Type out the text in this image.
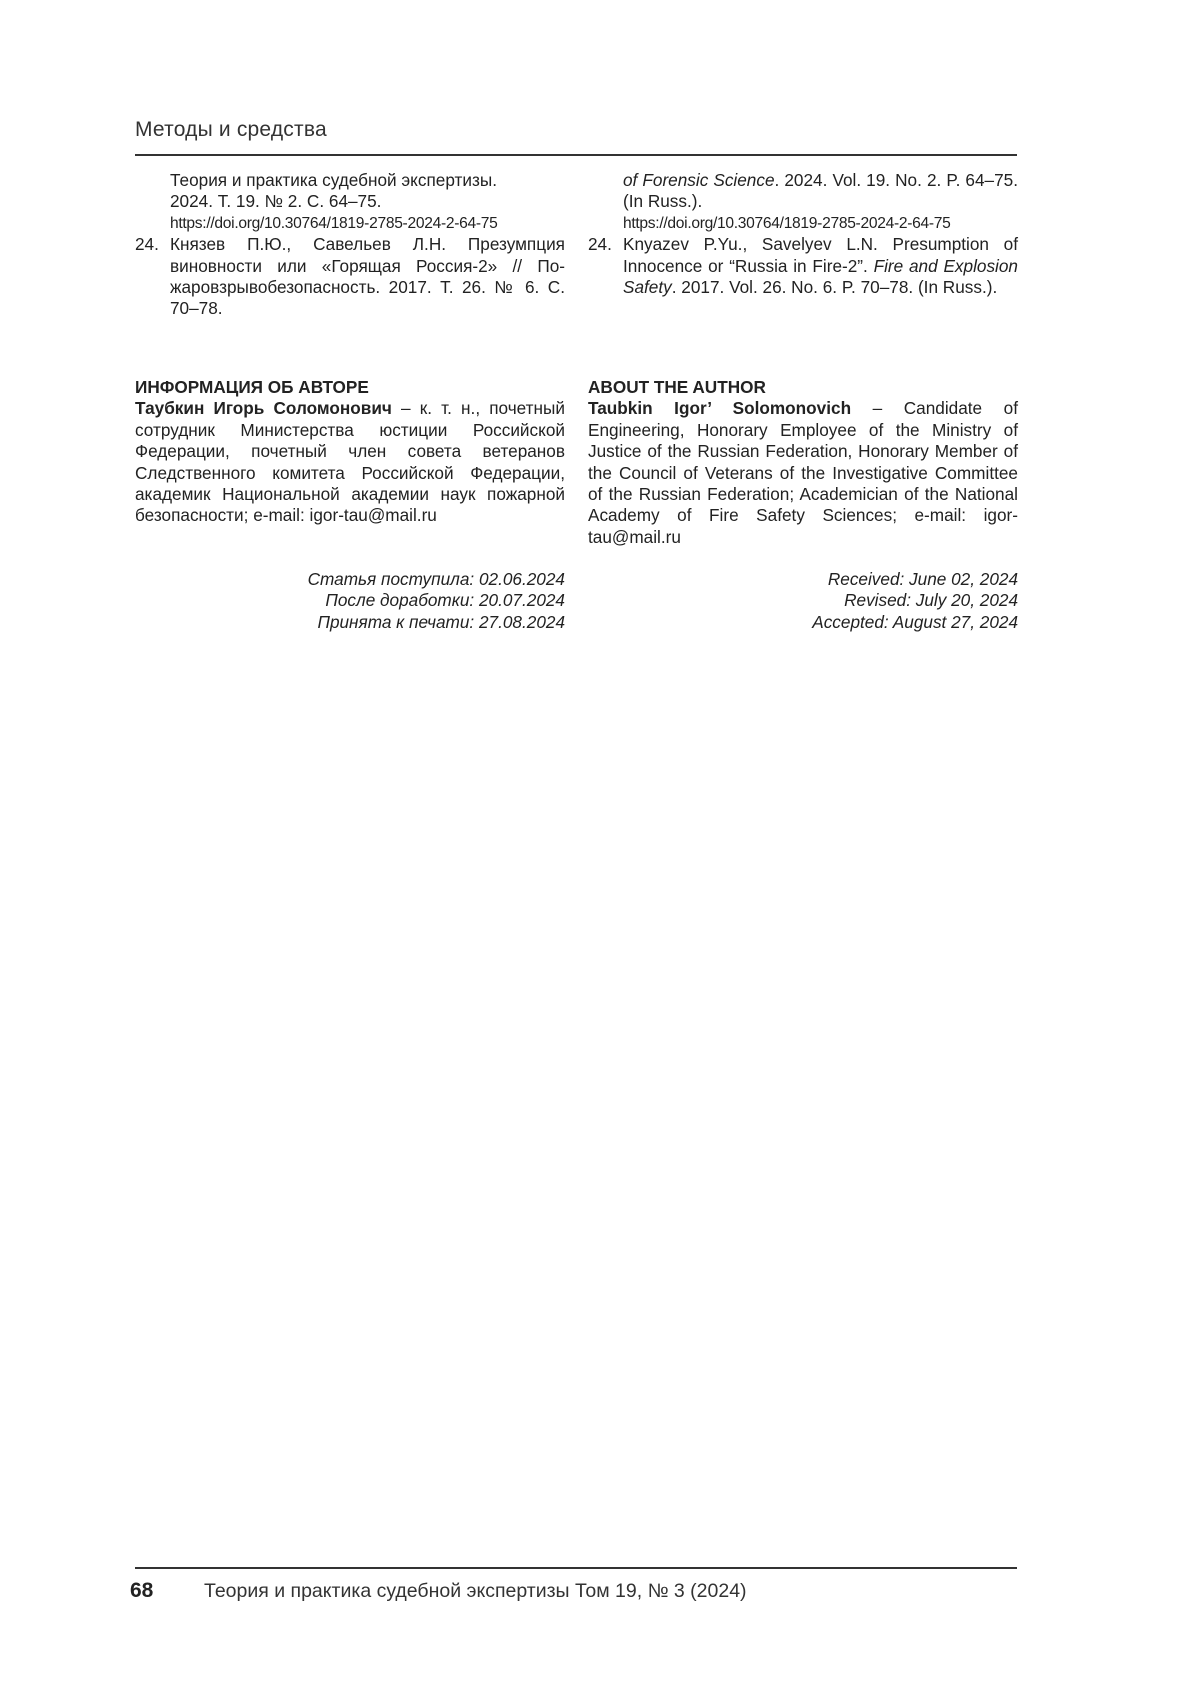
Методы и средства
Теория и практика судебной экспертизы.
2024. Т. 19. № 2. С. 64–75.
https://doi.org/10.30764/1819-2785-2024-2-64-75
24. Князев П.Ю., Савельев Л.Н. Презумпция виновности или «Горящая Россия-2» // Пожаровзрывобезопасность. 2017. Т. 26. № 6. С. 70–78.
of Forensic Science. 2024. Vol. 19. No. 2. P. 64–75. (In Russ.).
https://doi.org/10.30764/1819-2785-2024-2-64-75
24. Knyazev P.Yu., Savelyev L.N. Presumption of Innocence or “Russia in Fire-2”. Fire and Explosion Safety. 2017. Vol. 26. No. 6. P. 70–78. (In Russ.).
ИНФОРМАЦИЯ ОБ АВТОРЕ
Таубкин Игорь Соломонович – к. т. н., почетный сотрудник Министерства юстиции Российской Федерации, почетный член совета ветеранов Следственного комитета Российской Федерации, академик Национальной академии наук пожарной безопасности; e-mail: igor-tau@mail.ru
ABOUT THE AUTHOR
Taubkin Igor’ Solomonovich – Candidate of Engineering, Honorary Employee of the Ministry of Justice of the Russian Federation, Honorary Member of the Council of Veterans of the Investigative Committee of the Russian Federation; Academician of the National Academy of Fire Safety Sciences; e-mail: igor-tau@mail.ru
Статья поступила: 02.06.2024
После доработки: 20.07.2024
Принята к печати: 27.08.2024
Received: June 02, 2024
Revised: July 20, 2024
Accepted: August 27, 2024
68	Теория и практика судебной экспертизы Том 19, № 3 (2024)
